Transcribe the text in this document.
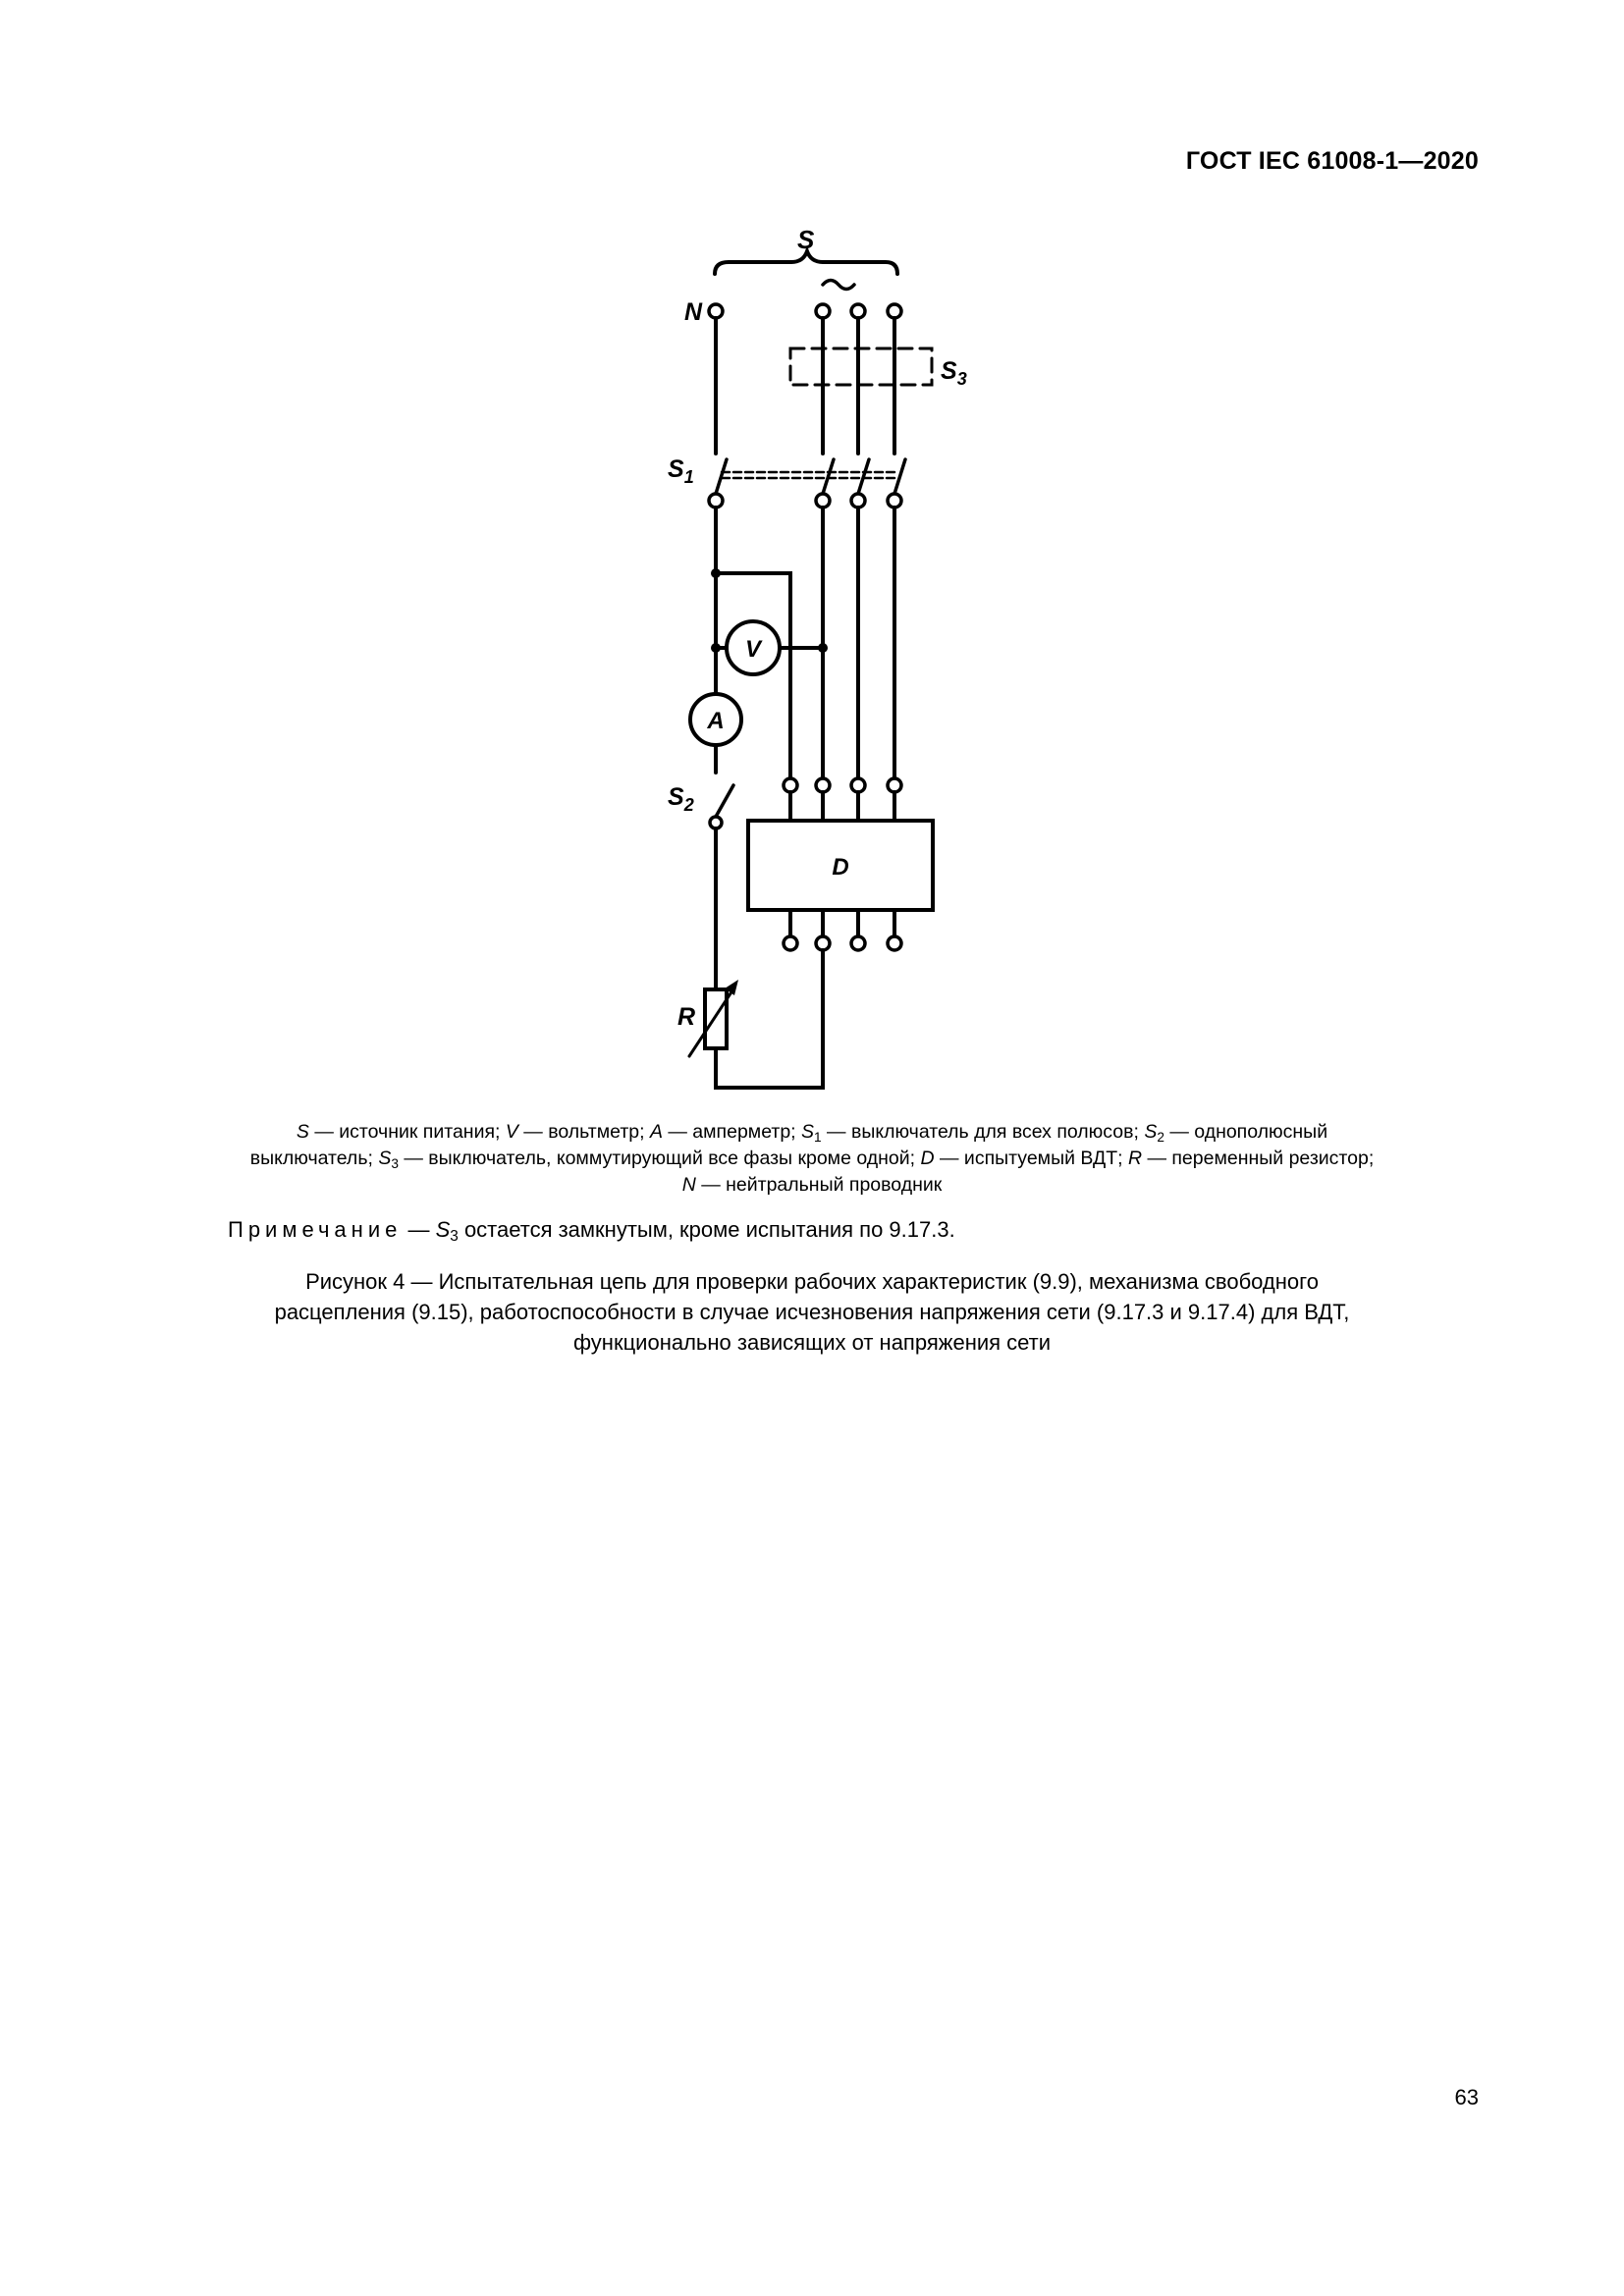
ГОСТ IEC 61008-1—2020
S
N
$S_3$
$S_1$
V
A
$S_2$
D
R
S — источник питания; V — вольтметр; A — амперметр; $S_1$ — выключатель для всех полюсов; $S_2$ — однополюсный
выключатель; $S_3$ — выключатель, коммутирующий все фазы кроме одной; D — испытуемый ВДТ; R — переменный резистор;
N — нейтральный проводник
Примечание — $S_3$ остается замкнутым, кроме испытания по 9.17.3.
Рисунок 4 — Испытательная цепь для проверки рабочих характеристик (9.9), механизма свободного
расцепления (9.15), работоспособности в случае исчезновения напряжения сети (9.17.3 и 9.17.4) для ВДТ,
функционально зависящих от напряжения сети
63
